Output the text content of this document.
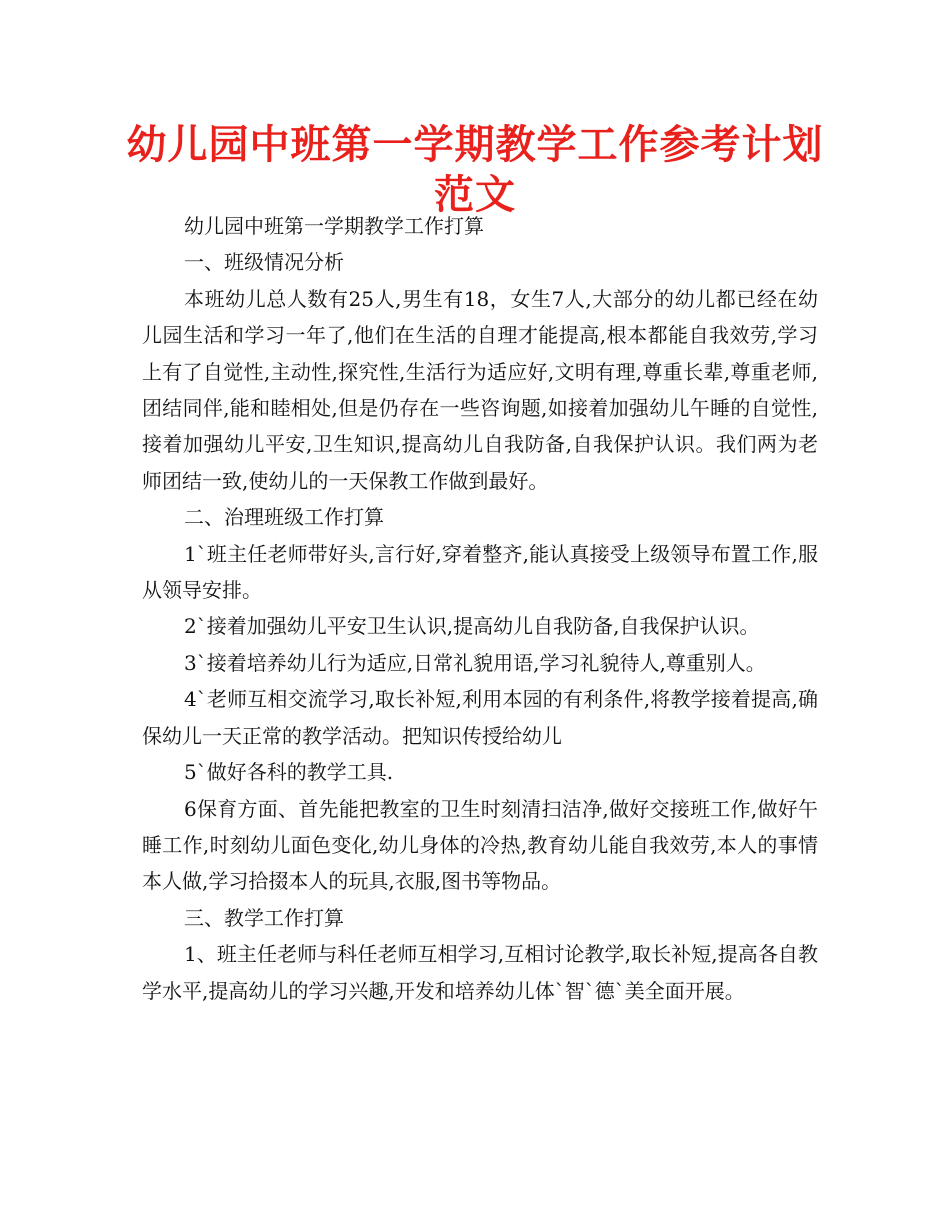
幼儿园中班第一学期教学工作参考计划范文

幼儿园中班第一学期教学工作打算

一、班级情况分析

本班幼儿总人数有25人,男生有18，女生7人,大部分的幼儿都已经在幼儿园生活和学习一年了,他们在生活的自理才能提高,根本都能自我效劳,学习上有了自觉性,主动性,探究性,生活行为适应好,文明有理,尊重长辈,尊重老师,团结同伴,能和睦相处,但是仍存在一些咨询题,如接着加强幼儿午睡的自觉性,接着加强幼儿平安,卫生知识,提高幼儿自我防备,自我保护认识。我们两为老师团结一致,使幼儿的一天保教工作做到最好。

二、治理班级工作打算

1`班主任老师带好头,言行好,穿着整齐,能认真接受上级领导布置工作,服从领导安排。

2`接着加强幼儿平安卫生认识,提高幼儿自我防备,自我保护认识。

3`接着培养幼儿行为适应,日常礼貌用语,学习礼貌待人,尊重别人。

4`老师互相交流学习,取长补短,利用本园的有利条件,将教学接着提高,确保幼儿一天正常的教学活动。把知识传授给幼儿

5`做好各科的教学工具.

6保育方面、首先能把教室的卫生时刻清扫洁净,做好交接班工作,做好午睡工作,时刻幼儿面色变化,幼儿身体的冷热,教育幼儿能自我效劳,本人的事情本人做,学习拾掇本人的玩具,衣服,图书等物品。

三、教学工作打算

1、班主任老师与科任老师互相学习,互相讨论教学,取长补短,提高各自教学水平,提高幼儿的学习兴趣,开发和培养幼儿体`智`德`美全面开展。
